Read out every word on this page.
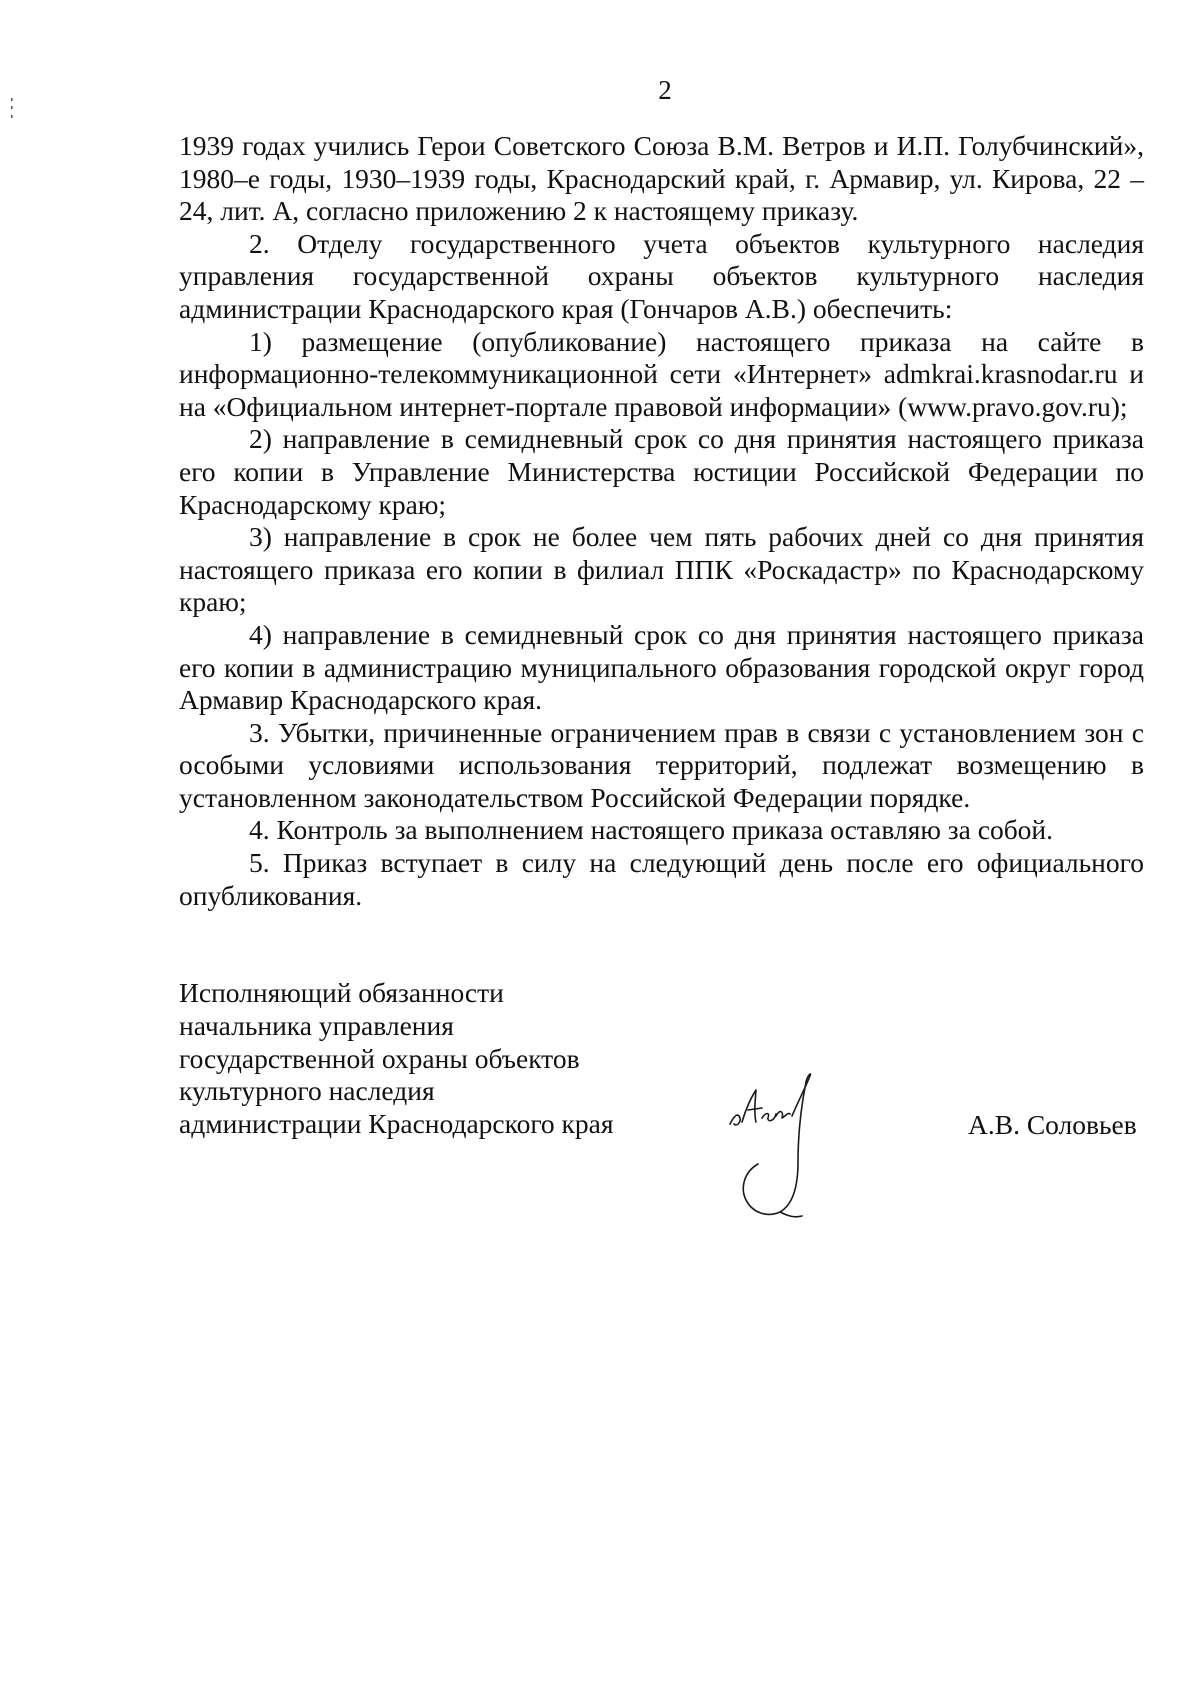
2

1939 годах учились Герои Советского Союза В.М. Ветров и И.П. Голубчинский», 1980–е годы, 1930–1939 годы, Краснодарский край, г. Армавир, ул. Кирова, 22 – 24, лит. А, согласно приложению 2 к настоящему приказу.

2. Отделу государственного учета объектов культурного наследия управления государственной охраны объектов культурного наследия администрации Краснодарского края (Гончаров А.В.) обеспечить:

1) размещение (опубликование) настоящего приказа на сайте в информационно-телекоммуникационной сети «Интернет» admkrai.krasnodar.ru и на «Официальном интернет-портале правовой информации» (www.pravo.gov.ru);

2) направление в семидневный срок со дня принятия настоящего приказа его копии в Управление Министерства юстиции Российской Федерации по Краснодарскому краю;

3) направление в срок не более чем пять рабочих дней со дня принятия настоящего приказа его копии в филиал ППК «Роскадастр» по Краснодарскому краю;

4) направление в семидневный срок со дня принятия настоящего приказа его копии в администрацию муниципального образования городской округ город Армавир Краснодарского края.

3. Убытки, причиненные ограничением прав в связи с установлением зон с особыми условиями использования территорий, подлежат возмещению в установленном законодательством Российской Федерации порядке.

4. Контроль за выполнением настоящего приказа оставляю за собой.

5. Приказ вступает в силу на следующий день после его официального опубликования.

Исполняющий обязанности
начальника управления
государственной охраны объектов
культурного наследия
администрации Краснодарского края	А.В. Соловьев
